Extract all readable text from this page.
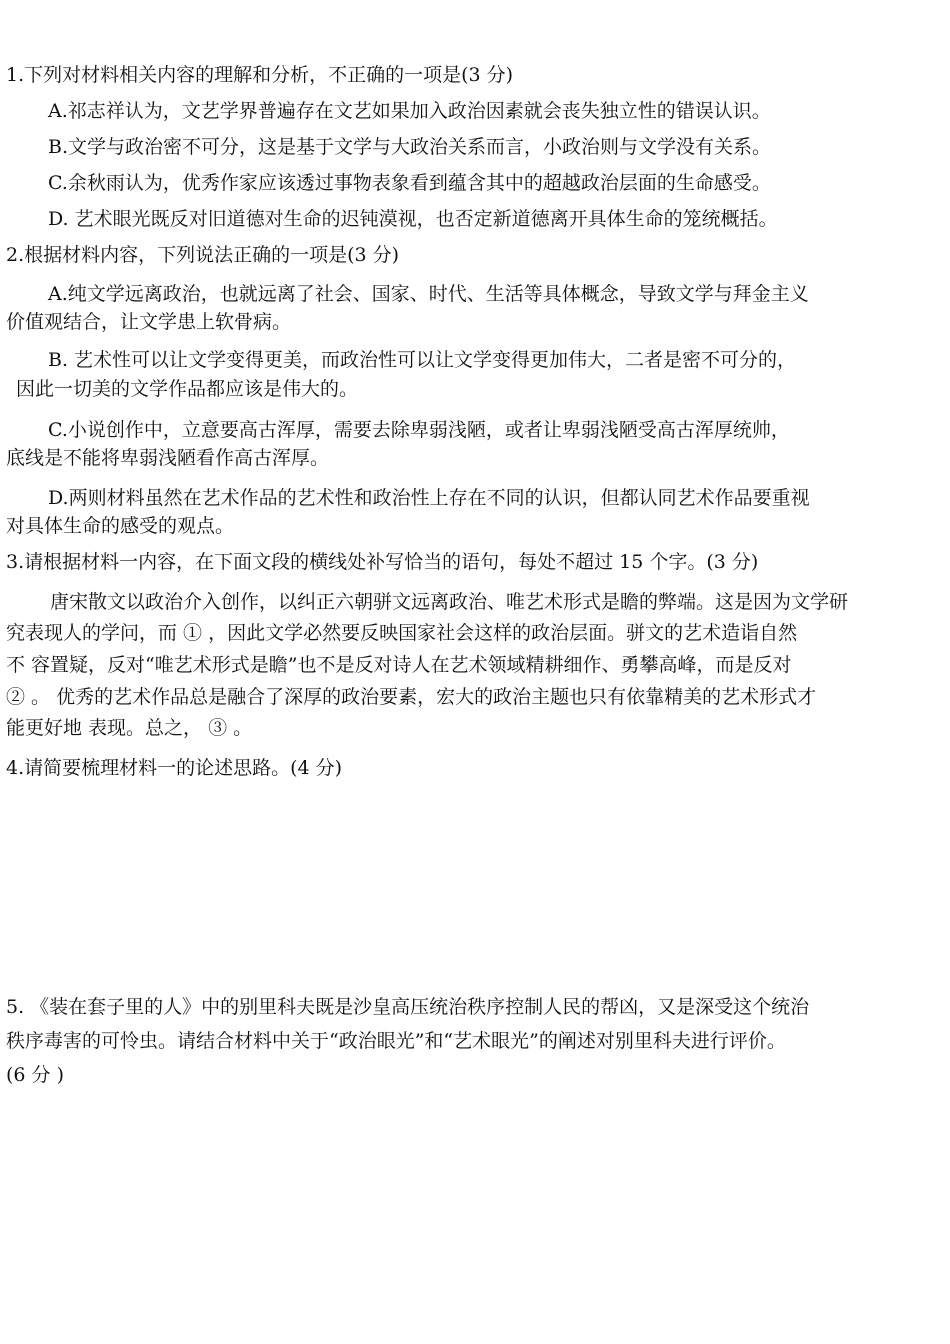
1.下列对材料相关内容的理解和分析，不正确的一项是(3 分)
A.祁志祥认为，文艺学界普遍存在文艺如果加入政治因素就会丧失独立性的错误认识。
B.文学与政治密不可分，这是基于文学与大政治关系而言，小政治则与文学没有关系。
C.余秋雨认为，优秀作家应该透过事物表象看到蕴含其中的超越政治层面的生命感受。
D. 艺术眼光既反对旧道德对生命的迟钝漠视，也否定新道德离开具体生命的笼统概括。
2.根据材料内容，下列说法正确的一项是(3 分)
A.纯文学远离政治，也就远离了社会、国家、时代、生活等具体概念，导致文学与拜金主义
价值观结合，让文学患上软骨病。
B. 艺术性可以让文学变得更美，而政治性可以让文学变得更加伟大，二者是密不可分的，
因此一切美的文学作品都应该是伟大的。
C.小说创作中，立意要高古浑厚，需要去除卑弱浅陋，或者让卑弱浅陋受高古浑厚统帅，
底线是不能将卑弱浅陋看作高古浑厚。
D.两则材料虽然在艺术作品的艺术性和政治性上存在不同的认识，但都认同艺术作品要重视
对具体生命的感受的观点。
3.请根据材料一内容，在下面文段的横线处补写恰当的语句，每处不超过 15 个字。(3 分)
唐宋散文以政治介入创作，以纠正六朝骈文远离政治、唯艺术形式是瞻的弊端。这是因为文学研
究表现人的学问，而 ① ，因此文学必然要反映国家社会这样的政治层面。骈文的艺术造诣自然
不 容置疑，反对“唯艺术形式是瞻”也不是反对诗人在艺术领域精耕细作、勇攀高峰，而是反对
② 。 优秀的艺术作品总是融合了深厚的政治要素，宏大的政治主题也只有依靠精美的艺术形式才
能更好地 表现。总之， ③ 。
4.请简要梳理材料一的论述思路。(4 分)
5. 《装在套子里的人》中的别里科夫既是沙皇高压统治秩序控制人民的帮凶，又是深受这个统治
秩序毒害的可怜虫。请结合材料中关于“政治眼光”和“艺术眼光”的阐述对别里科夫进行评价。
(6 分 )
